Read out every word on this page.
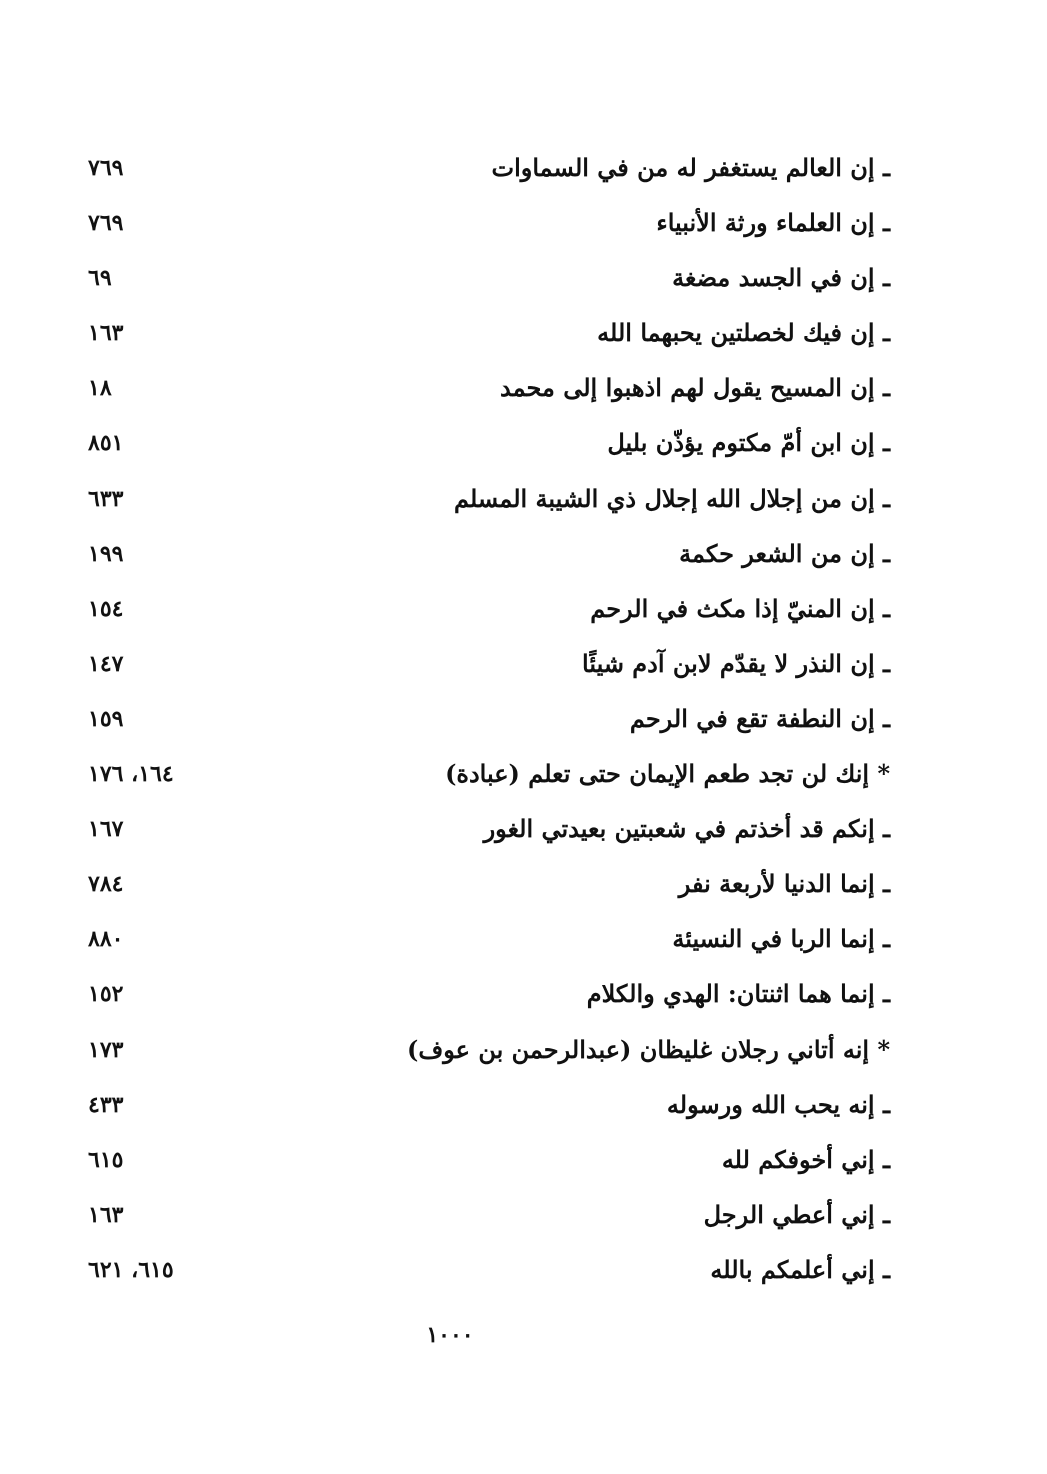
ـ إن العالم يستغفر له من في السماوات
٧٦٩
ـ إن العلماء ورثة الأنبياء
٧٦٩
ـ إن في الجسد مضغة
٦٩
ـ إن فيك لخصلتين يحبهما الله
١٦٣
ـ إن المسيح يقول لهم اذهبوا إلى محمد
١٨
ـ إن ابن أمّ مكتوم يؤذّن بليل
٨٥١
ـ إن من إجلال الله إجلال ذي الشيبة المسلم
٦٣٣
ـ إن من الشعر حكمة
١٩٩
ـ إن المنيّ إذا مكث في الرحم
١٥٤
ـ إن النذر لا يقدّم لابن آدم شيئًا
١٤٧
ـ إن النطفة تقع في الرحم
١٥٩
* إنك لن تجد طعم الإيمان حتى تعلم (عبادة)
١٦٤، ١٧٦
ـ إنكم قد أخذتم في شعبتين بعيدتي الغور
١٦٧
ـ إنما الدنيا لأربعة نفر
٧٨٤
ـ إنما الربا في النسيئة
٨٨٠
ـ إنما هما اثنتان: الهدي والكلام
١٥٢
* إنه أتاني رجلان غليظان (عبدالرحمن بن عوف)
١٧٣
ـ إنه يحب الله ورسوله
٤٣٣
ـ إني أخوفكم لله
٦١٥
ـ إني أعطي الرجل
١٦٣
ـ إني أعلمكم بالله
٦١٥، ٦٢١
١٠٠٠
